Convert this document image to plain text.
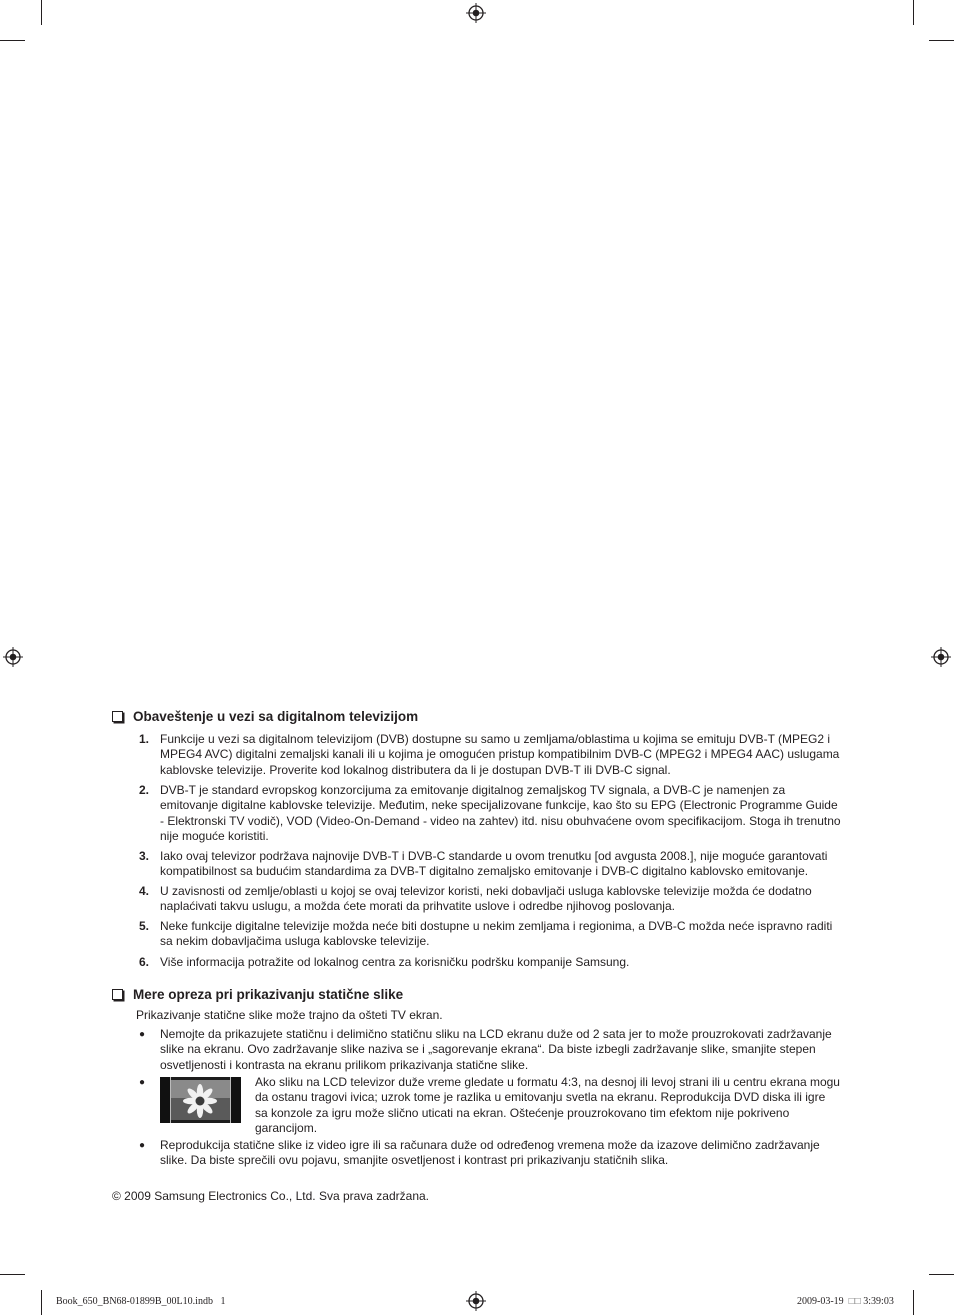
Obaveštenje u vezi sa digitalnom televizijom
1. Funkcije u vezi sa digitalnom televizijom (DVB) dostupne su samo u zemljama/oblastima u kojima se emituju DVB-T (MPEG2 i MPEG4 AVC) digitalni zemaljski kanali ili u kojima je omogućen pristup kompatibilnim DVB-C (MPEG2 i MPEG4 AAC) uslugama kablovske televizije. Proverite kod lokalnog distributera da li je dostupan DVB-T ili DVB-C signal.
2. DVB-T je standard evropskog konzorcijuma za emitovanje digitalnog zemaljskog TV signala, a DVB-C je namenjen za emitovanje digitalne kablovske televizije. Međutim, neke specijalizovane funkcije, kao što su EPG (Electronic Programme Guide - Elektronski TV vodič), VOD (Video-On-Demand - video na zahtev) itd. nisu obuhvaćene ovom specifikacijom. Stoga ih trenutno nije moguće koristiti.
3. Iako ovaj televizor podržava najnovije DVB-T i DVB-C standarde u ovom trenutku [od avgusta 2008.], nije moguće garantovati kompatibilnost sa budućim standardima za DVB-T digitalno zemaljsko emitovanje i DVB-C digitalno kablovsko emitovanje.
4. U zavisnosti od zemlje/oblasti u kojoj se ovaj televizor koristi, neki dobavljači usluga kablovske televizije možda će dodatno naplaćivati takvu uslugu, a možda ćete morati da prihvatite uslove i odredbe njihovog poslovanja.
5. Neke funkcije digitalne televizije možda neće biti dostupne u nekim zemljama i regionima, a DVB-C možda neće ispravno raditi sa nekim dobavljačima usluga kablovske televizije.
6. Više informacija potražite od lokalnog centra za korisničku podršku kompanije Samsung.
Mere opreza pri prikazivanju statične slike
Prikazivanje statične slike može trajno da ošteti TV ekran.
●	Nemojte da prikazujete statičnu i delimično statičnu sliku na LCD ekranu duže od 2 sata jer to može prouzrokovati zadržavanje slike na ekranu. Ovo zadržavanje slike naziva se i „sagorevanje ekrana“. Da biste izbegli zadržavanje slike, smanjite stepen osvetljenosti i kontrasta na ekranu prilikom prikazivanja statične slike.
●	Ako sliku na LCD televizor duže vreme gledate u formatu 4:3, na desnoj ili levoj strani ili u centru ekrana mogu da ostanu tragovi ivica; uzrok tome je razlika u emitovanju svetla na ekranu. Reprodukcija DVD diska ili igre sa konzole za igru može slično uticati na ekran. Oštećenje prouzrokovano tim efektom nije pokriveno garancijom.
●	Reprodukcija statične slike iz video igre ili sa računara duže od određenog vremena može da izazove delimično zadržavanje slike. Da biste sprečili ovu pojavu, smanjite osvetljenost i kontrast pri prikazivanju statičnih slika.
© 2009 Samsung Electronics Co., Ltd. Sva prava zadržana.
Book_650_BN68-01899B_00L10.indb   1	2009-03-19 □□ 3:39:03
